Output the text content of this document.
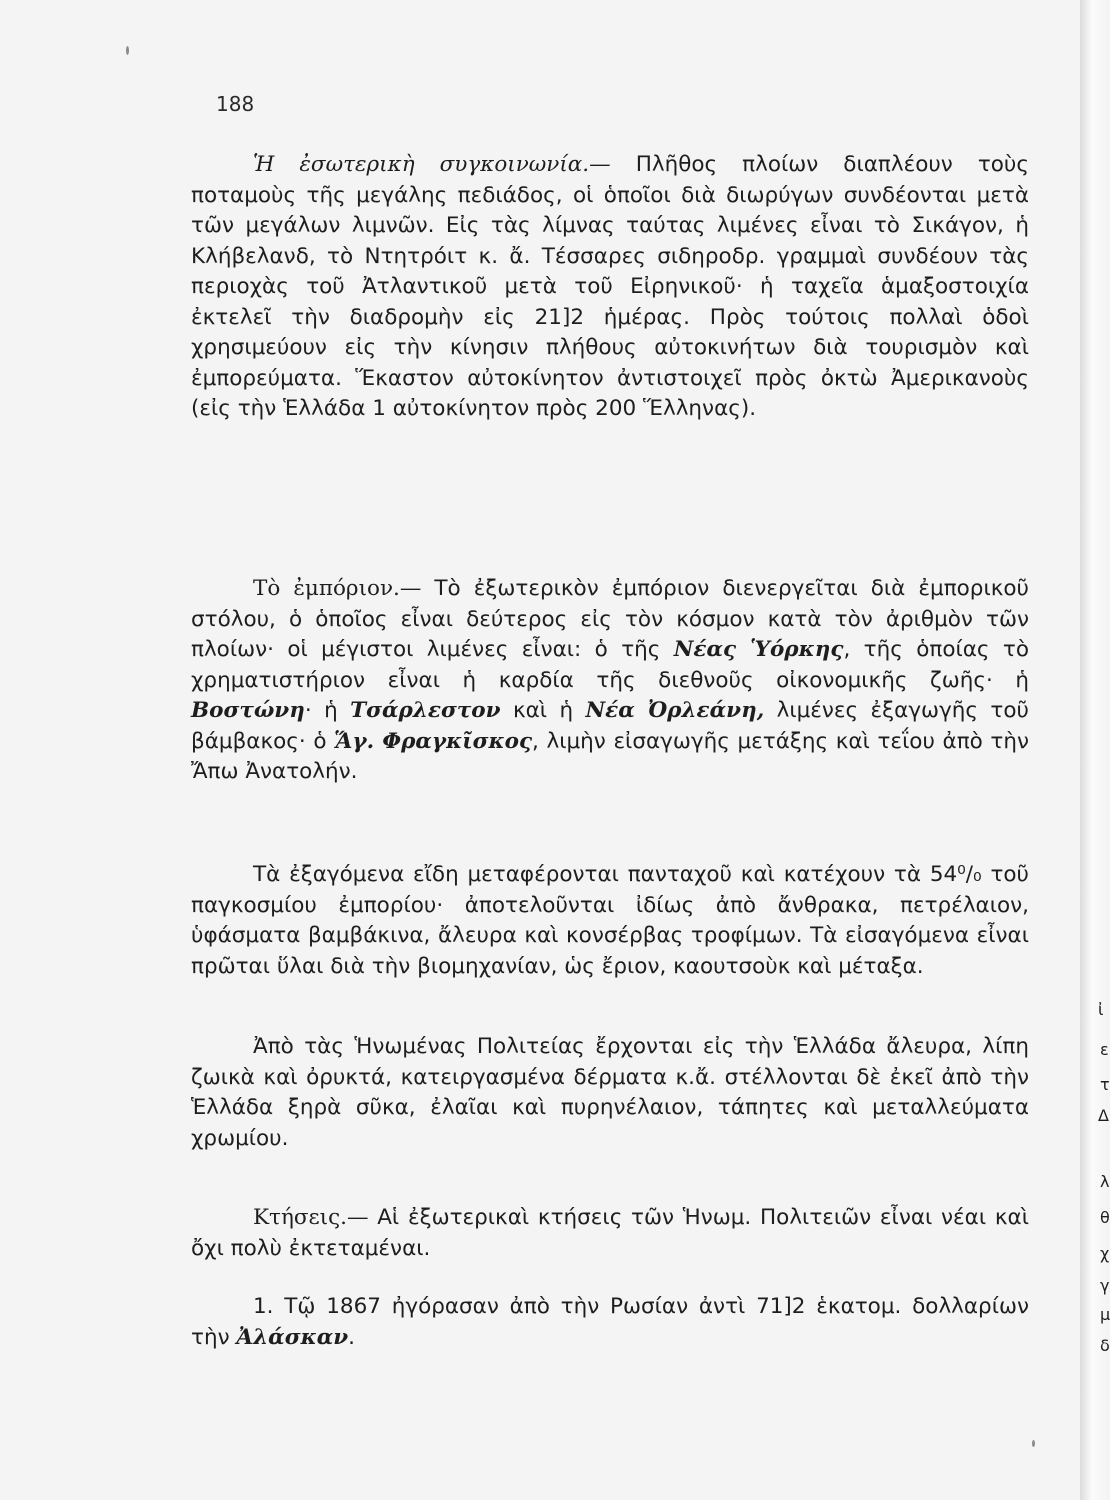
188

Ἡ ἐσωτερικὴ συγκοινωνία.— Πλῆθος πλοίων διαπλέουν τοὺς ποταμοὺς τῆς μεγάλης πεδιάδος, οἱ ὁποῖοι διὰ διωρύγων συνδέονται μετὰ τῶν μεγάλων λιμνῶν. Εἰς τὰς λίμνας ταύτας λιμένες εἶναι τὸ Σικάγον, ἡ Κλήβελανδ, τὸ Ντητρόιτ κ. ἄ. Τέσσαρες σιδηροδρ. γραμμαὶ συνδέουν τὰς περιοχὰς τοῦ Ἀτλαντικοῦ μετὰ τοῦ Εἰρηνικοῦ· ἡ ταχεῖα ἁμαξοστοιχία ἐκτελεῖ τὴν διαδρομὴν εἰς 21]2 ἡμέρας. Πρὸς τούτοις πολλαὶ ὁδοὶ χρησιμεύουν εἰς τὴν κίνησιν πλήθους αὐτοκινήτων διὰ τουρισμὸν καὶ ἐμπορεύματα. Ἕκαστον αὐτοκίνητον ἀντιστοιχεῖ πρὸς ὀκτὼ Ἀμερικανοὺς (εἰς τὴν Ἑλλάδα 1 αὐτοκίνητον πρὸς 200 Ἕλληνας).

Τὸ ἐμπόριον.— Τὸ ἐξωτερικὸν ἐμπόριον διενεργεῖται διὰ ἐμπορικοῦ στόλου, ὁ ὁποῖος εἶναι δεύτερος εἰς τὸν κόσμον κατὰ τὸν ἀριθμὸν τῶν πλοίων· οἱ μέγιστοι λιμένες εἶναι: ὁ τῆς Νέας Ὑόρκης, τῆς ὁποίας τὸ χρηματιστήριον εἶναι ἡ καρδία τῆς διεθνοῦς οἰκονομικῆς ζωῆς· ἡ Βοστώνη· ἡ Τσάρλεστον καὶ ἡ Νέα Ὀρλεάνη, λιμένες ἐξαγωγῆς τοῦ βάμβακος· ὁ Ἅγ. Φραγκῖσκος, λιμὴν εἰσαγωγῆς μετάξης καὶ τεΐου ἀπὸ τὴν Ἄπω Ἀνατολήν.

Τὰ ἐξαγόμενα εἴδη μεταφέρονται πανταχοῦ καὶ κατέχουν τὰ 54⁰/₀ τοῦ παγκοσμίου ἐμπορίου· ἀποτελοῦνται ἰδίως ἀπὸ ἄνθρακα, πετρέλαιον, ὑφάσματα βαμβάκινα, ἄλευρα καὶ κονσέρβας τροφίμων. Τὰ εἰσαγόμενα εἶναι πρῶται ὕλαι διὰ τὴν βιομηχανίαν, ὡς ἔριον, καουτσοὺκ καὶ μέταξα.

Ἀπὸ τὰς Ἡνωμένας Πολιτείας ἔρχονται εἰς τὴν Ἑλλάδα ἄλευρα, λίπη ζωικὰ καὶ ὀρυκτά, κατειργασμένα δέρματα κ.ἄ. στέλλονται δὲ ἐκεῖ ἀπὸ τὴν Ἑλλάδα ξηρὰ σῦκα, ἐλαῖαι καὶ πυρηνέλαιον, τάπητες καὶ μεταλλεύματα χρωμίου.

Κτήσεις.— Αἱ ἐξωτερικαὶ κτήσεις τῶν Ἡνωμ. Πολιτειῶν εἶναι νέαι καὶ ὄχι πολὺ ἐκτεταμέναι.

1. Τῷ 1867 ἠγόρασαν ἀπὸ τὴν Ρωσίαν ἀντὶ 71]2 ἑκατομ. δολλαρίων τὴν Ἀλάσκαν.

ἰ
ε
τ
Δ
λ
θ
χ
γ
μ
δ
